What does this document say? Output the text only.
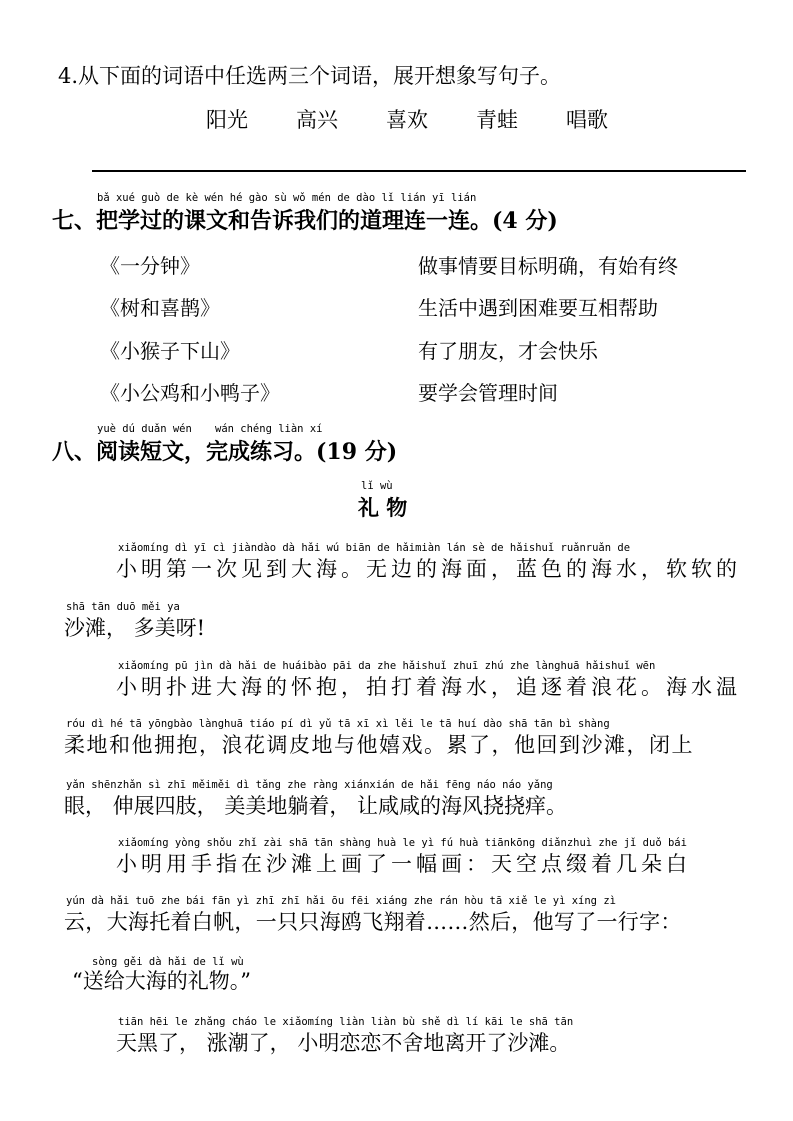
4.从下面的词语中任选两三个词语，展开想象写句子。
阳光 高兴 喜欢 青蛙 唱歌
bǎ xué guò de kè wén hé gào sù wǒ mén de dào lǐ lián yī lián
七、把学过的课文和告诉我们的道理连一连。(4 分)
《一分钟》
《树和喜鹊》
《小猴子下山》
《小公鸡和小鸭子》
做事情要目标明确，有始有终
生活中遇到困难要互相帮助
有了朋友，才会快乐
要学会管理时间
yuè dú duǎn wén wán chéng liàn xí
八、阅读短文，完成练习。(19 分)
lǐ wù
礼 物
xiǎomíng dì yī cì jiàndào dà hǎi wú biān de hǎimiàn lán sè de hǎishuǐ ruǎnruǎn de
小明第一次见到大海。无边的海面，蓝色的海水，软软的
shā tān duō měi ya
沙滩， 多美呀!
xiǎomíng pū jìn dà hǎi de huáibào pāi da zhe hǎishuǐ zhuī zhú zhe lànghuā hǎishuǐ wēn
小明扑进大海的怀抱，拍打着海水，追逐着浪花。海水温
róu dì hé tā yōngbào lànghuā tiáo pí dì yǔ tā xī xì lěi le tā huí dào shā tān bì shàng
柔地和他拥抱，浪花调皮地与他嬉戏。累了，他回到沙滩，闭上
yǎn shēnzhǎn sì zhī měiměi dì tǎng zhe ràng xiánxián de hǎi fēng náo náo yǎng
眼， 伸展四肢， 美美地躺着， 让咸咸的海风挠挠痒。
xiǎomíng yòng shǒu zhǐ zài shā tān shàng huà le yì fú huà tiānkōng diǎnzhuì zhe jǐ duǒ bái
小明用手指在沙滩上画了一幅画：天空点缀着几朵白
yún dà hǎi tuō zhe bái fān yì zhī zhī hǎi ōu fēi xiáng zhe rán hòu tā xiě le yì xíng zì
云，大海托着白帆，一只只海鸥飞翔着……然后，他写了一行字：
sòng gěi dà hǎi de lǐ wù
“送给大海的礼物。”
tiān hēi le zhǎng cháo le xiǎomíng liàn liàn bù shě dì lí kāi le shā tān
天黑了， 涨潮了， 小明恋恋不舍地离开了沙滩。
